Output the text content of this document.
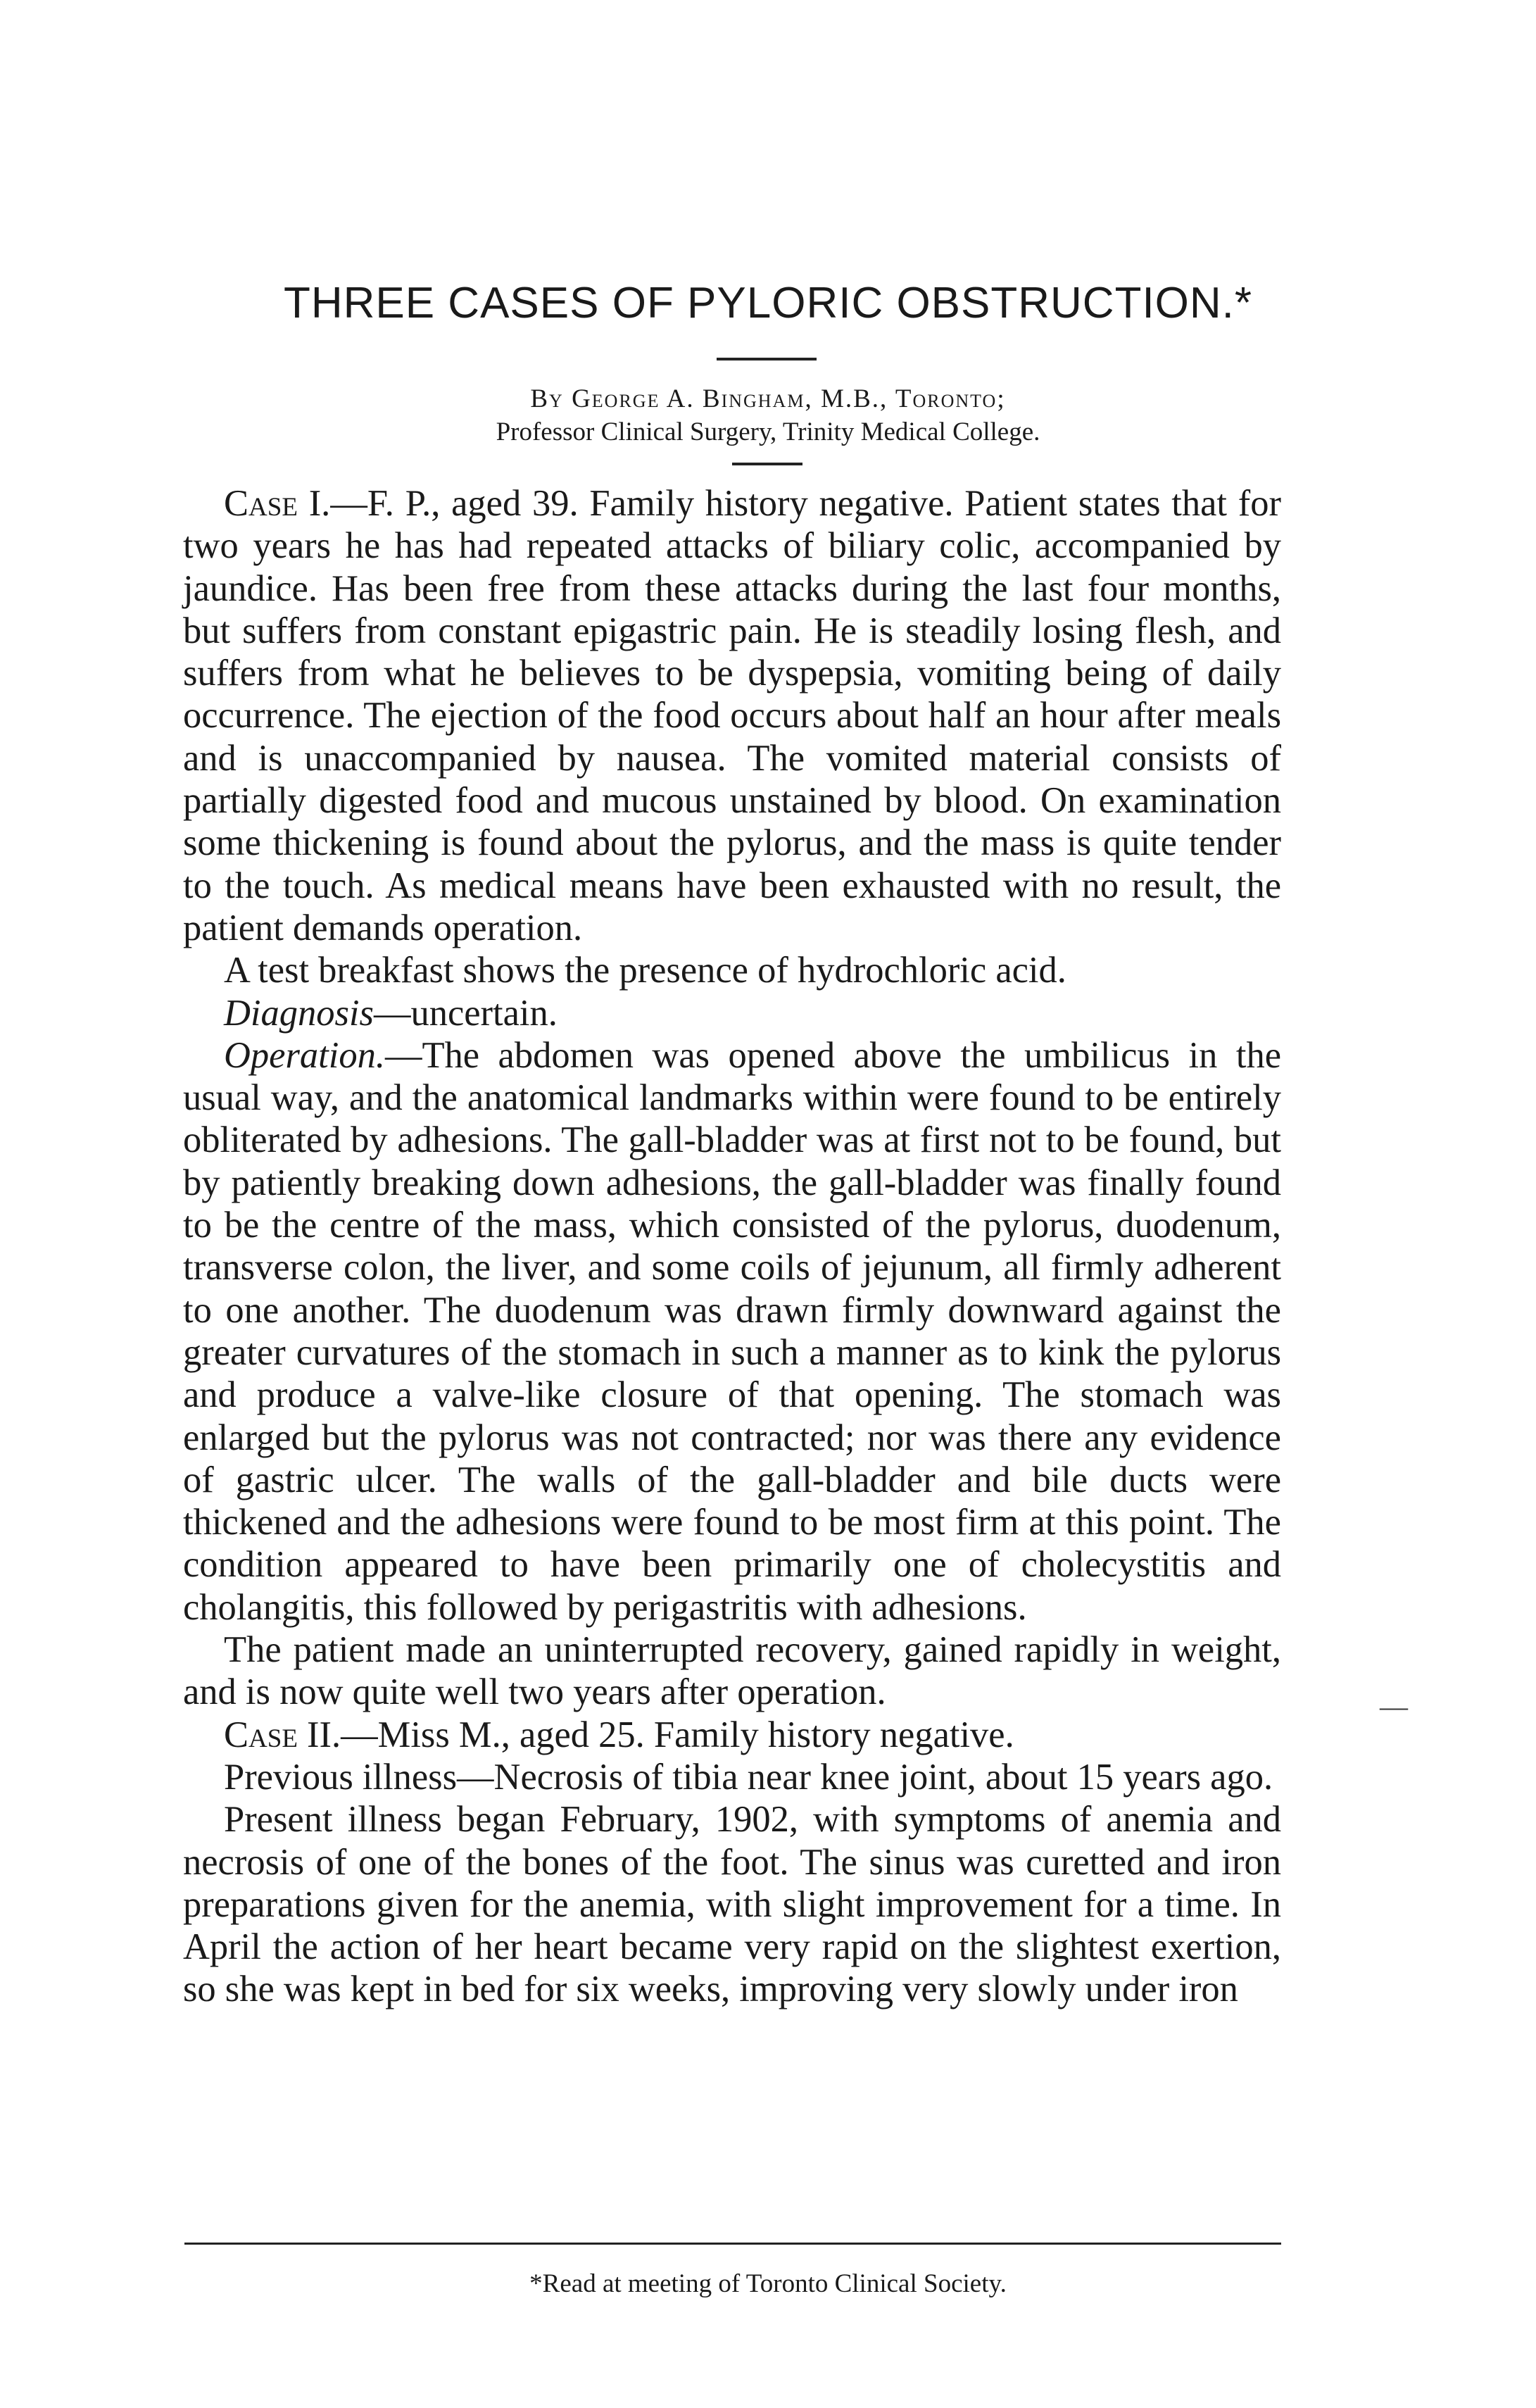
THREE CASES OF PYLORIC OBSTRUCTION.*
By George A. Bingham, M.B., Toronto;
Professor Clinical Surgery, Trinity Medical College.

Case I.—F. P., aged 39. Family history negative. Patient states that for two years he has had repeated attacks of biliary colic, accompanied by jaundice. Has been free from these attacks during the last four months, but suffers from constant epigastric pain. He is steadily losing flesh, and suffers from what he believes to be dyspepsia, vomiting being of daily occurrence. The ejection of the food occurs about half an hour after meals and is unaccompanied by nausea. The vomited material consists of partially digested food and mucous unstained by blood. On examination some thickening is found about the pylorus, and the mass is quite tender to the touch. As medical means have been exhausted with no result, the patient demands operation.

A test breakfast shows the presence of hydrochloric acid.

Diagnosis—uncertain.

Operation.—The abdomen was opened above the umbilicus in the usual way, and the anatomical landmarks within were found to be entirely obliterated by adhesions. The gall-bladder was at first not to be found, but by patiently breaking down adhesions, the gall-bladder was finally found to be the centre of the mass, which consisted of the pylorus, duodenum, transverse colon, the liver, and some coils of jejunum, all firmly adherent to one another. The duodenum was drawn firmly downward against the greater curvatures of the stomach in such a manner as to kink the pylorus and produce a valve-like closure of that opening. The stomach was enlarged but the pylorus was not contracted; nor was there any evidence of gastric ulcer. The walls of the gall-bladder and bile ducts were thickened and the adhesions were found to be most firm at this point. The condition appeared to have been primarily one of cholecystitis and cholangitis, this followed by perigastritis with adhesions.

The patient made an uninterrupted recovery, gained rapidly in weight, and is now quite well two years after operation.

Case II.—Miss M., aged 25. Family history negative.

Previous illness—Necrosis of tibia near knee joint, about 15 years ago.

Present illness began February, 1902, with symptoms of anemia and necrosis of one of the bones of the foot. The sinus was curetted and iron preparations given for the anemia, with slight improvement for a time. In April the action of her heart became very rapid on the slightest exertion, so she was kept in bed for six weeks, improving very slowly under iron

*Read at meeting of Toronto Clinical Society.
—
